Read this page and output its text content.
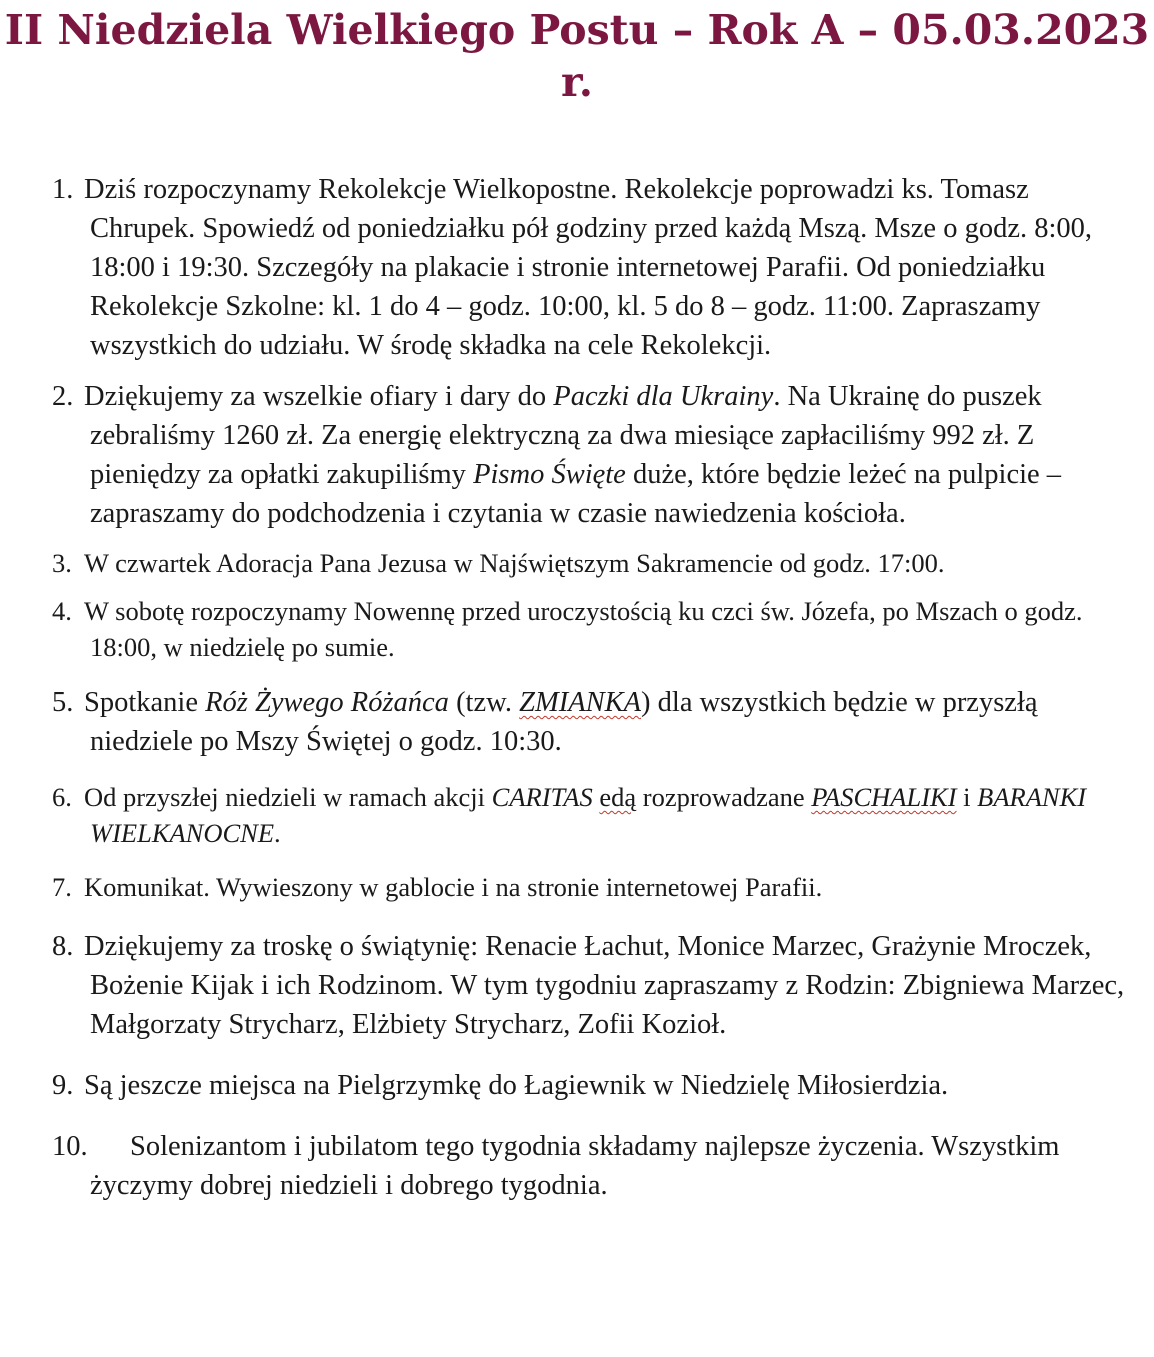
II Niedziela Wielkiego Postu – Rok A – 05.03.2023 r.
1. Dziś rozpoczynamy Rekolekcje Wielkopostne. Rekolekcje poprowadzi ks. Tomasz Chrupek. Spowiedź od poniedziałku pół godziny przed każdą Mszą. Msze o godz. 8:00, 18:00 i 19:30. Szczegóły na plakacie i stronie internetowej Parafii. Od poniedziałku Rekolekcje Szkolne: kl. 1 do 4 – godz. 10:00, kl. 5 do 8 – godz. 11:00. Zapraszamy wszystkich do udziału. W środę składka na cele Rekolekcji.
2. Dziękujemy za wszelkie ofiary i dary do Paczki dla Ukrainy. Na Ukrainę do puszek zebraliśmy 1260 zł. Za energię elektryczną za dwa miesiące zapłaciliśmy 992 zł. Z pieniędzy za opłatki zakupiliśmy Pismo Święte duże, które będzie leżeć na pulpicie – zapraszamy do podchodzenia i czytania w czasie nawiedzenia kościoła.
3. W czwartek Adoracja Pana Jezusa w Najświętszym Sakramencie od godz. 17:00.
4. W sobotę rozpoczynamy Nowennę przed uroczystością ku czci św. Józefa, po Mszach o godz. 18:00, w niedzielę po sumie.
5. Spotkanie Róż Żywego Różańca (tzw. ZMIANKA) dla wszystkich będzie w przyszłą niedziele po Mszy Świętej o godz. 10:30.
6. Od przyszłej niedzieli w ramach akcji CARITAS edą rozprowadzane PASCHALIKI i BARANKI WIELKANOCNE.
7. Komunikat. Wywieszony w gablocie i na stronie internetowej Parafii.
8. Dziękujemy za troskę o świątynię: Renacie Łachut, Monice Marzec, Grażynie Mroczek, Bożenie Kijak i ich Rodzinom. W tym tygodniu zapraszamy z Rodzin: Zbigniewa Marzec, Małgorzaty Strycharz, Elżbiety Strycharz, Zofii Kozioł.
9. Są jeszcze miejsca na Pielgrzymkę do Łagiewnik w Niedzielę Miłosierdzia.
10. Solenizantom i jubilatom tego tygodnia składamy najlepsze życzenia. Wszystkim życzymy dobrej niedzieli i dobrego tygodnia.
